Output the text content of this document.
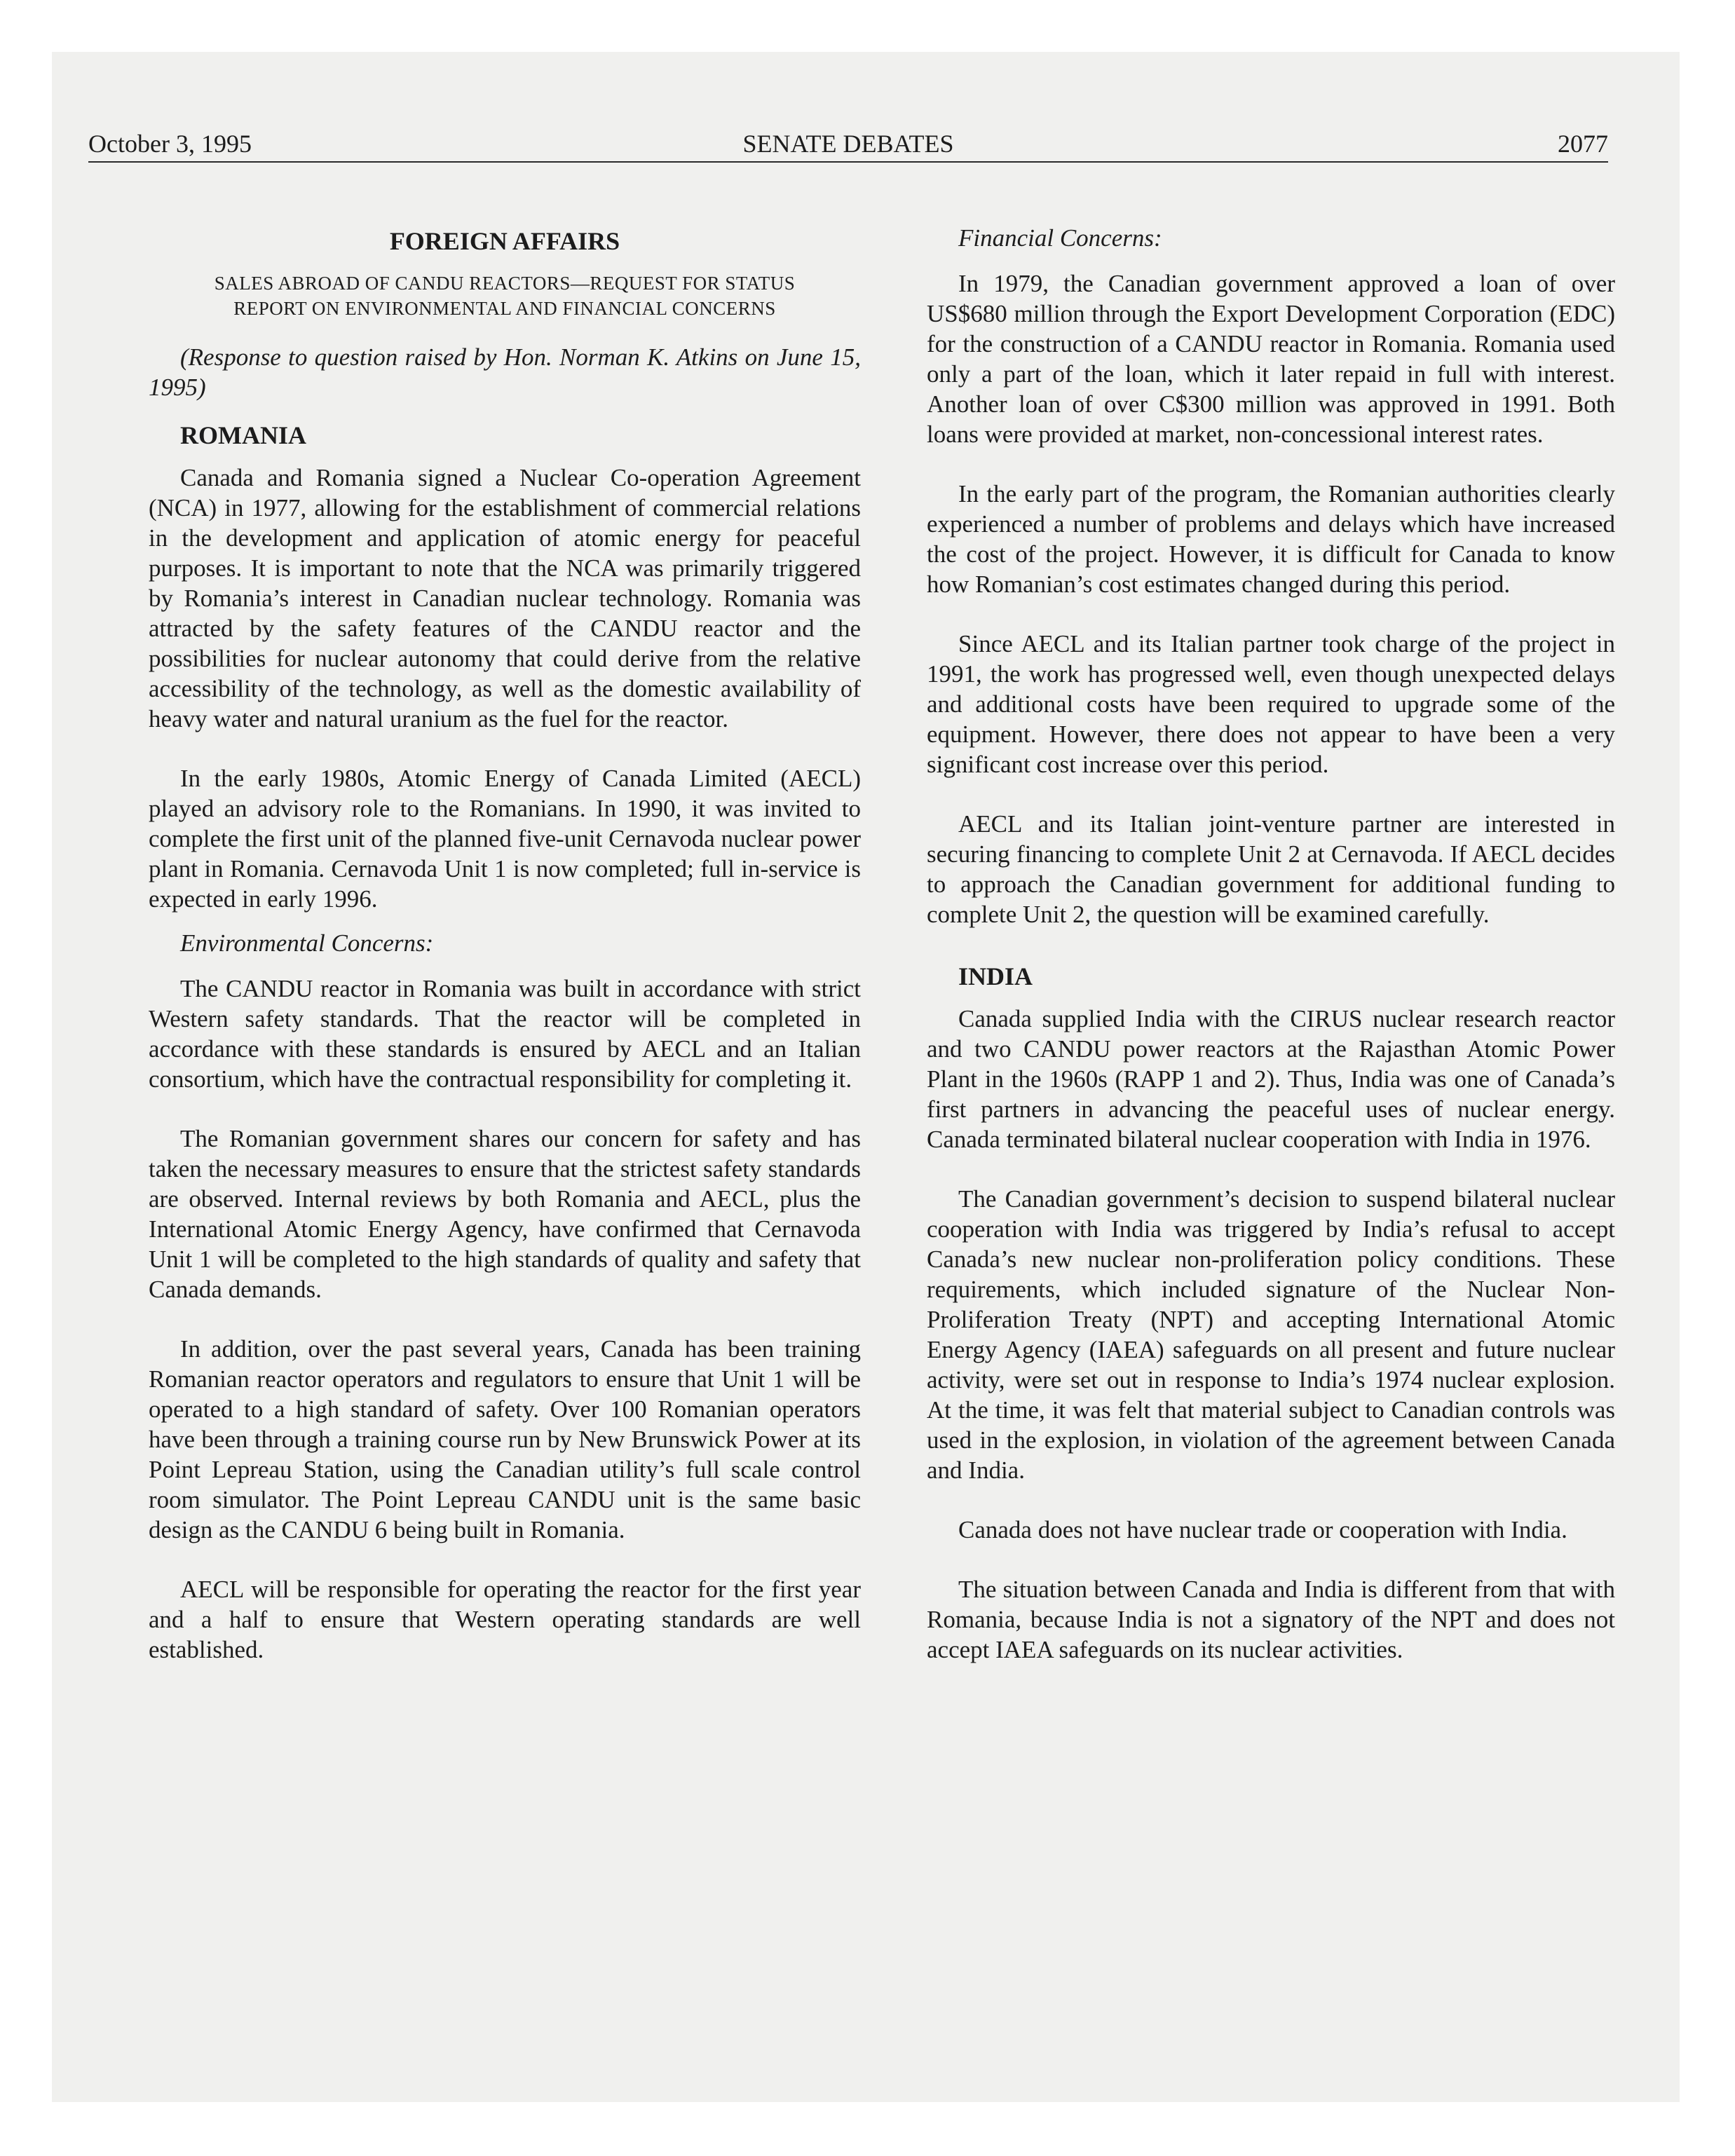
October 3, 1995	SENATE DEBATES	2077
FOREIGN AFFAIRS
SALES ABROAD OF CANDU REACTORS—REQUEST FOR STATUS
REPORT ON ENVIRONMENTAL AND FINANCIAL CONCERNS

(Response to question raised by Hon. Norman K. Atkins on June 15, 1995)

ROMANIA

Canada and Romania signed a Nuclear Co-operation Agreement (NCA) in 1977, allowing for the establishment of commercial relations in the development and application of atomic energy for peaceful purposes. It is important to note that the NCA was primarily triggered by Romania’s interest in Canadian nuclear technology. Romania was attracted by the safety features of the CANDU reactor and the possibilities for nuclear autonomy that could derive from the relative accessibility of the technology, as well as the domestic availability of heavy water and natural uranium as the fuel for the reactor.

In the early 1980s, Atomic Energy of Canada Limited (AECL) played an advisory role to the Romanians. In 1990, it was invited to complete the first unit of the planned five-unit Cernavoda nuclear power plant in Romania. Cernavoda Unit 1 is now completed; full in-service is expected in early 1996.

Environmental Concerns:

The CANDU reactor in Romania was built in accordance with strict Western safety standards. That the reactor will be completed in accordance with these standards is ensured by AECL and an Italian consortium, which have the contractual responsibility for completing it.

The Romanian government shares our concern for safety and has taken the necessary measures to ensure that the strictest safety standards are observed. Internal reviews by both Romania and AECL, plus the International Atomic Energy Agency, have confirmed that Cernavoda Unit 1 will be completed to the high standards of quality and safety that Canada demands.

In addition, over the past several years, Canada has been training Romanian reactor operators and regulators to ensure that Unit 1 will be operated to a high standard of safety. Over 100 Romanian operators have been through a training course run by New Brunswick Power at its Point Lepreau Station, using the Canadian utility’s full scale control room simulator. The Point Lepreau CANDU unit is the same basic design as the CANDU 6 being built in Romania.

AECL will be responsible for operating the reactor for the first year and a half to ensure that Western operating standards are well established.

Financial Concerns:

In 1979, the Canadian government approved a loan of over US$680 million through the Export Development Corporation (EDC) for the construction of a CANDU reactor in Romania. Romania used only a part of the loan, which it later repaid in full with interest. Another loan of over C$300 million was approved in 1991. Both loans were provided at market, non-concessional interest rates.

In the early part of the program, the Romanian authorities clearly experienced a number of problems and delays which have increased the cost of the project. However, it is difficult for Canada to know how Romanian’s cost estimates changed during this period.

Since AECL and its Italian partner took charge of the project in 1991, the work has progressed well, even though unexpected delays and additional costs have been required to upgrade some of the equipment. However, there does not appear to have been a very significant cost increase over this period.

AECL and its Italian joint-venture partner are interested in securing financing to complete Unit 2 at Cernavoda. If AECL decides to approach the Canadian government for additional funding to complete Unit 2, the question will be examined carefully.

INDIA

Canada supplied India with the CIRUS nuclear research reactor and two CANDU power reactors at the Rajasthan Atomic Power Plant in the 1960s (RAPP 1 and 2). Thus, India was one of Canada’s first partners in advancing the peaceful uses of nuclear energy. Canada terminated bilateral nuclear cooperation with India in 1976.

The Canadian government’s decision to suspend bilateral nuclear cooperation with India was triggered by India’s refusal to accept Canada’s new nuclear non-proliferation policy conditions. These requirements, which included signature of the Nuclear Non-Proliferation Treaty (NPT) and accepting International Atomic Energy Agency (IAEA) safeguards on all present and future nuclear activity, were set out in response to India’s 1974 nuclear explosion. At the time, it was felt that material subject to Canadian controls was used in the explosion, in violation of the agreement between Canada and India.

Canada does not have nuclear trade or cooperation with India.

The situation between Canada and India is different from that with Romania, because India is not a signatory of the NPT and does not accept IAEA safeguards on its nuclear activities.
